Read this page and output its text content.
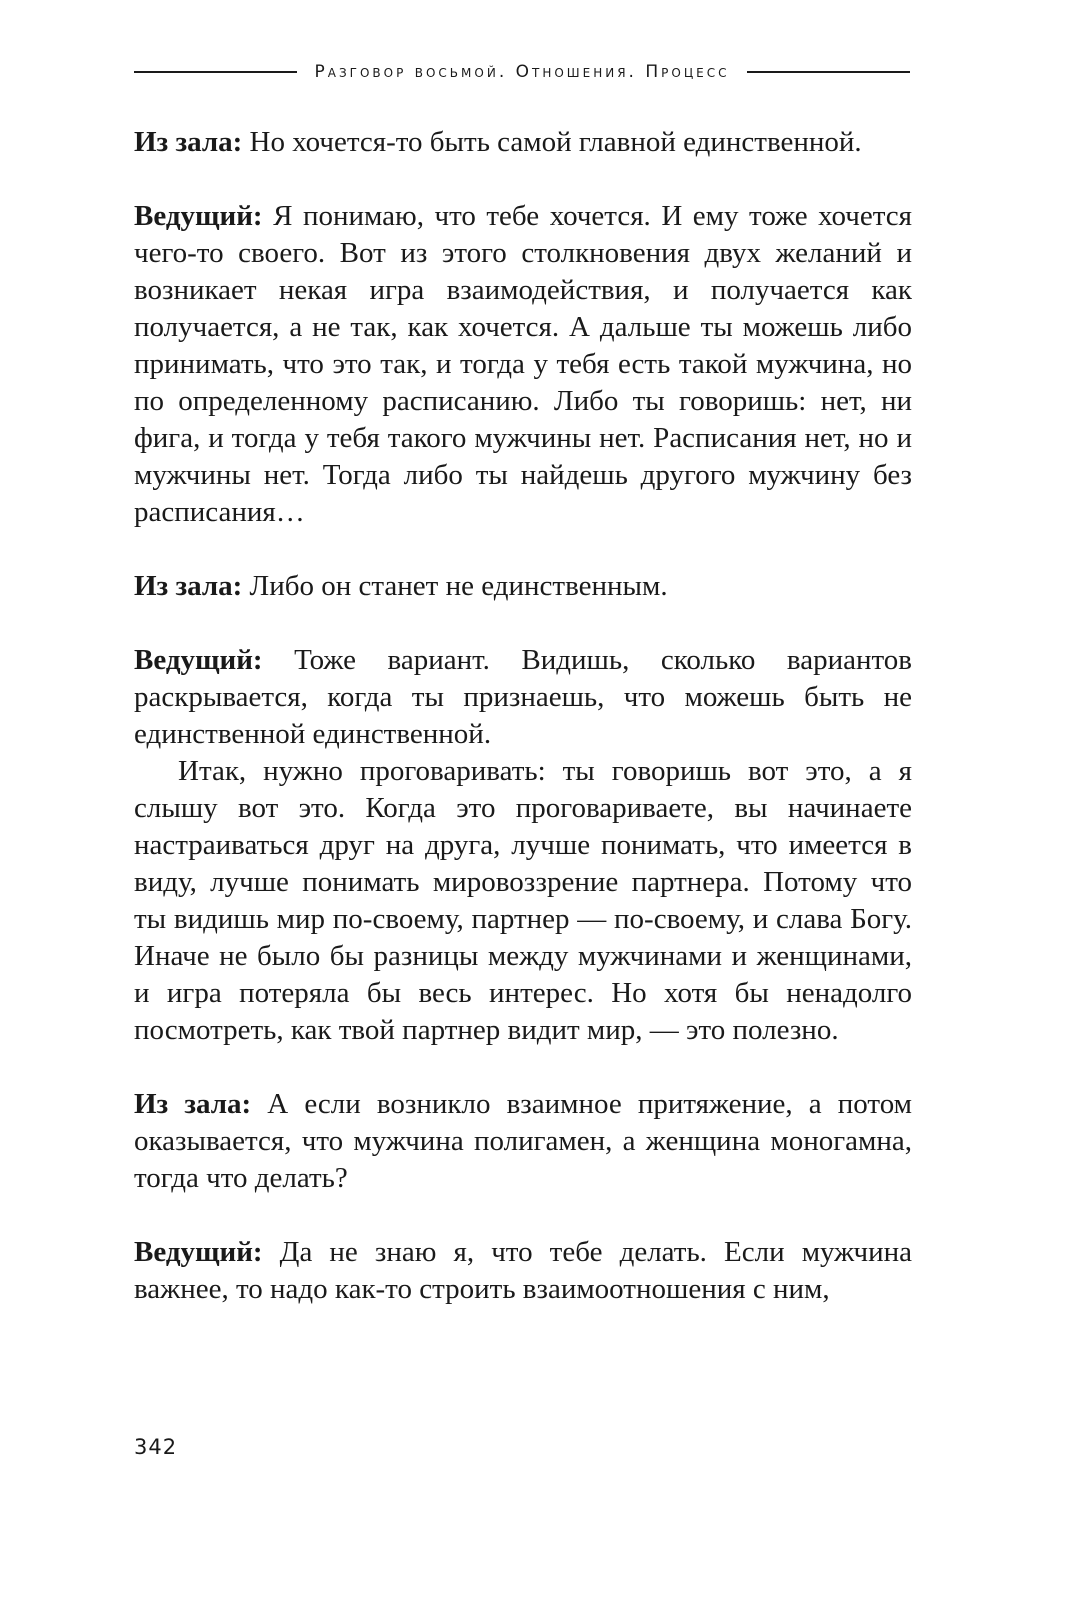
Разговор восьмой. Отношения. Процесс

Из зала: Но хочется-то быть самой главной единственной.

Ведущий: Я понимаю, что тебе хочется. И ему тоже хочется чего-то своего. Вот из этого столкновения двух желаний и возникает некая игра взаимодействия, и получается как получается, а не так, как хочется. А дальше ты можешь либо принимать, что это так, и тогда у тебя есть такой мужчина, но по определенному расписанию. Либо ты говоришь: нет, ни фига, и тогда у тебя такого мужчины нет. Расписания нет, но и мужчины нет. Тогда либо ты найдешь другого мужчину без расписания…

Из зала: Либо он станет не единственным.

Ведущий: Тоже вариант. Видишь, сколько вариантов раскрывается, когда ты признаешь, что можешь быть не единственной единственной.

Итак, нужно проговаривать: ты говоришь вот это, а я слышу вот это. Когда это проговариваете, вы начинаете настраиваться друг на друга, лучше понимать, что имеется в виду, лучше понимать мировоззрение партнера. Потому что ты видишь мир по-своему, партнер — по-своему, и слава Богу. Иначе не было бы разницы между мужчинами и женщинами, и игра потеряла бы весь интерес. Но хотя бы ненадолго посмотреть, как твой партнер видит мир, — это полезно.

Из зала: А если возникло взаимное притяжение, а потом оказывается, что мужчина полигамен, а женщина моногамна, тогда что делать?

Ведущий: Да не знаю я, что тебе делать. Если мужчина важнее, то надо как-то строить взаимоотношения с ним,

342
